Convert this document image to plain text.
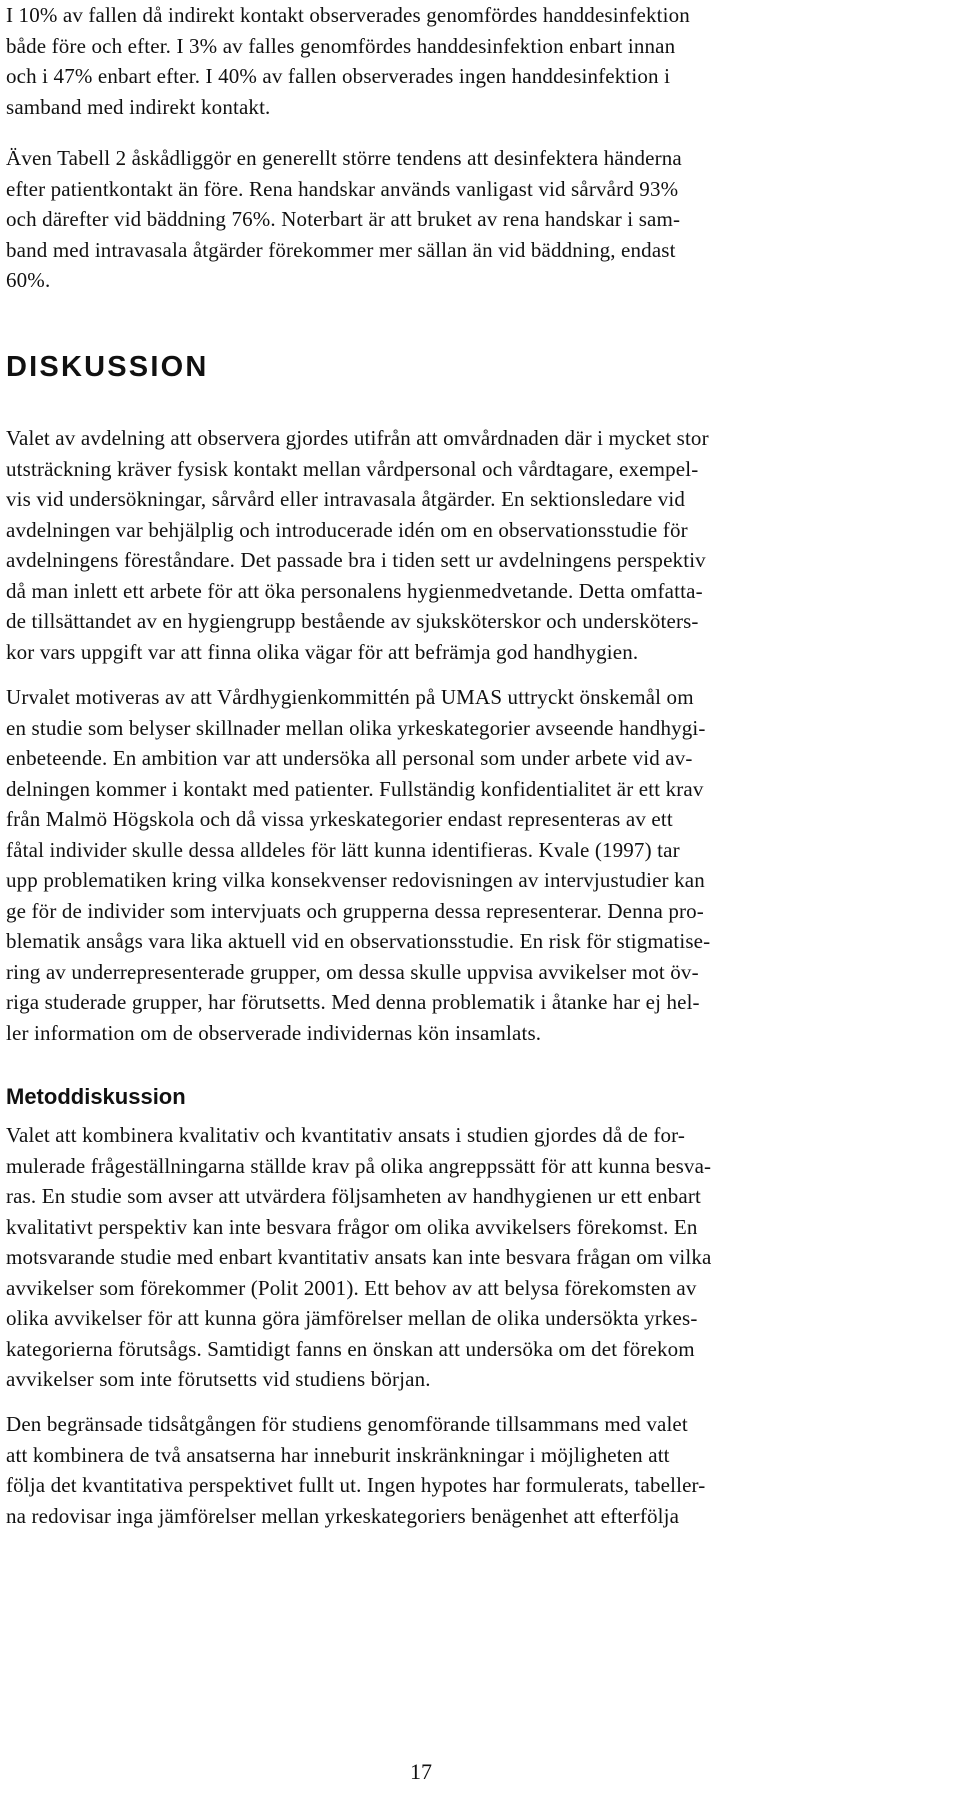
I 10% av fallen då indirekt kontakt observerades genomfördes handdesinfektion
både före och efter. I 3% av falles genomfördes handdesinfektion enbart innan
och i 47% enbart efter. I 40% av fallen observerades ingen handdesinfektion i
samband med indirekt kontakt.
Även Tabell 2 åskådliggör en generellt större tendens att desinfektera händerna
efter patientkontakt än före. Rena handskar används vanligast vid sårvård 93%
och därefter vid bäddning 76%. Noterbart är att bruket av rena handskar i sam-
band med intravasala åtgärder förekommer mer sällan än vid bäddning, endast
60%.
DISKUSSION
Valet av avdelning att observera gjordes utifrån att omvårdnaden där i mycket stor
utsträckning kräver fysisk kontakt mellan vårdpersonal och vårdtagare, exempel-
vis vid undersökningar, sårvård eller intravasala åtgärder. En sektionsledare vid
avdelningen var behjälplig och introducerade idén om en observationsstudie för
avdelningens föreståndare. Det passade bra i tiden sett ur avdelningens perspektiv
då man inlett ett arbete för att öka personalens hygienmedvetande. Detta omfatta-
de tillsättandet av en hygiengrupp bestående av sjuksköterskor och undersköters-
kor vars uppgift var att finna olika vägar för att befrämja god handhygien.
Urvalet motiveras av att Vårdhygienkommittén på UMAS uttryckt önskemål om
en studie som belyser skillnader mellan olika yrkeskategorier avseende handhygi-
enbeteende. En ambition var att undersöka all personal som under arbete vid av-
delningen kommer i kontakt med patienter. Fullständig konfidentialitet är ett krav
från Malmö Högskola och då vissa yrkeskategorier endast representeras av ett
fåtal individer skulle dessa alldeles för lätt kunna identifieras. Kvale (1997) tar
upp problematiken kring vilka konsekvenser redovisningen av intervjustudier kan
ge för de individer som intervjuats och grupperna dessa representerar. Denna pro-
blematik ansågs vara lika aktuell vid en observationsstudie. En risk för stigmatise-
ring av underrepresenterade grupper, om dessa skulle uppvisa avvikelser mot öv-
riga studerade grupper, har förutsetts. Med denna problematik i åtanke har ej hel-
ler information om de observerade individernas kön insamlats.
Metoddiskussion
Valet att kombinera kvalitativ och kvantitativ ansats i studien gjordes då de for-
mulerade frågeställningarna ställde krav på olika angreppssätt för att kunna besva-
ras. En studie som avser att utvärdera följsamheten av handhygienen ur ett enbart
kvalitativt perspektiv kan inte besvara frågor om olika avvikelsers förekomst. En
motsvarande studie med enbart kvantitativ ansats kan inte besvara frågan om vilka
avvikelser som förekommer (Polit 2001). Ett behov av att belysa förekomsten av
olika avvikelser för att kunna göra jämförelser mellan de olika undersökta yrkes-
kategorierna förutsågs. Samtidigt fanns en önskan att undersöka om det förekom
avvikelser som inte förutsetts vid studiens början.
Den begränsade tidsåtgången för studiens genomförande tillsammans med valet
att kombinera de två ansatserna har inneburit inskränkningar i möjligheten att
följa det kvantitativa perspektivet fullt ut. Ingen hypotes har formulerats, tabeller-
na redovisar inga jämförelser mellan yrkeskategoriers benägenhet att efterfölja
17
